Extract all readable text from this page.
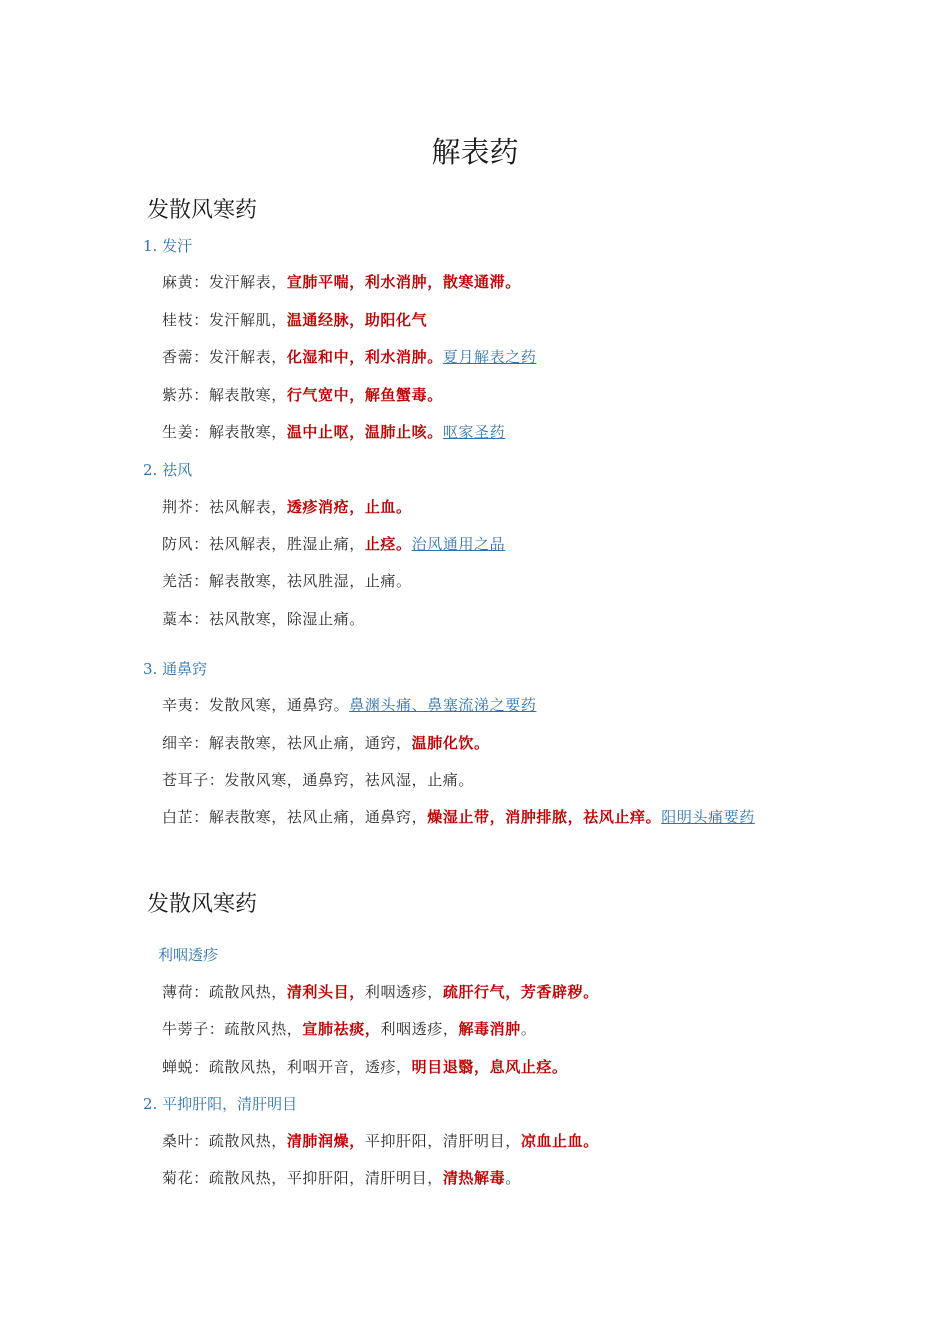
解表药
发散风寒药
1. 发汗
麻黄：发汗解表，宣肺平喘，利水消肿，散寒通滞。
桂枝：发汗解肌，温通经脉，助阳化气
香薷：发汗解表，化湿和中，利水消肿。夏月解表之药
紫苏：解表散寒，行气宽中，解鱼蟹毒。
生姜：解表散寒，温中止呕，温肺止咳。呕家圣药
2. 祛风
荆芥：祛风解表，透疹消疮，止血。
防风：祛风解表，胜湿止痛，止痉。治风通用之品
羌活：解表散寒，祛风胜湿，止痛。
藁本：祛风散寒，除湿止痛。
3. 通鼻窍
辛夷：发散风寒，通鼻窍。鼻渊头痛、鼻塞流涕之要药
细辛：解表散寒，祛风止痛，通窍，温肺化饮。
苍耳子：发散风寒，通鼻窍，祛风湿，止痛。
白芷：解表散寒，祛风止痛，通鼻窍，燥湿止带，消肿排脓，祛风止痒。阳明头痛要药
发散风寒药
利咽透疹
薄荷：疏散风热，清利头目，利咽透疹，疏肝行气，芳香辟秽。
牛蒡子：疏散风热，宣肺祛痰，利咽透疹，解毒消肿。
蝉蜕：疏散风热，利咽开音，透疹，明目退翳，息风止痉。
2. 平抑肝阳，清肝明目
桑叶：疏散风热，清肺润燥，平抑肝阳，清肝明目，凉血止血。
菊花：疏散风热，平抑肝阳，清肝明目，清热解毒。
